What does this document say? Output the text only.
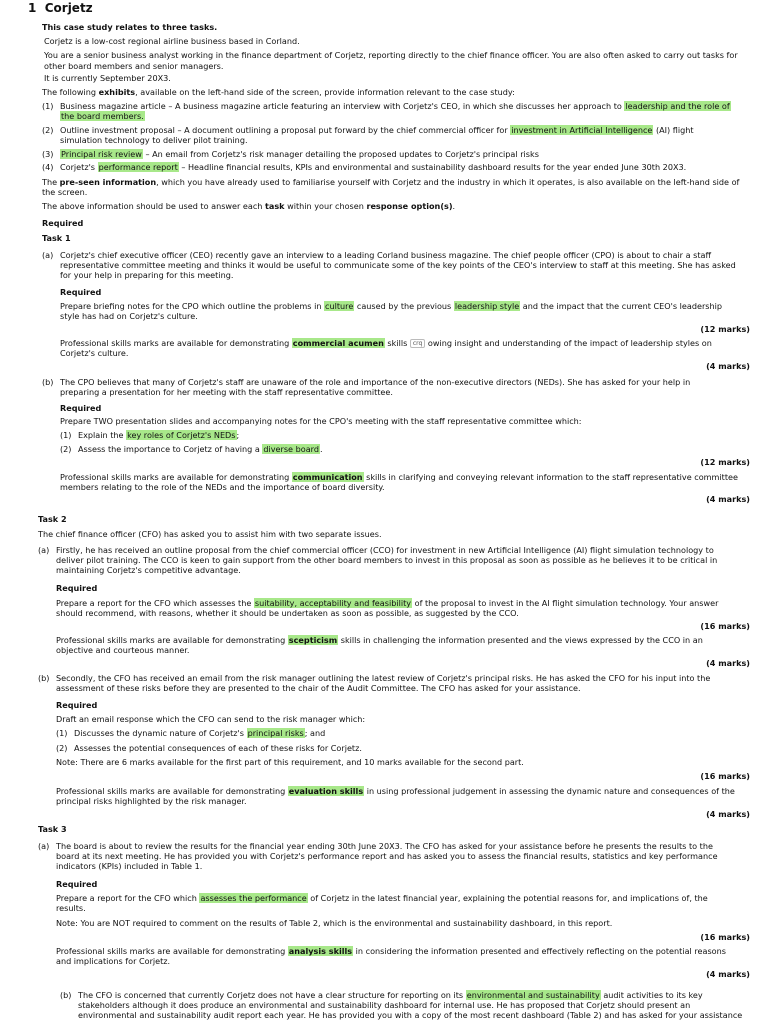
1 Corjetz
This case study relates to three tasks.
Corjetz is a low-cost regional airline business based in Corland.
You are a senior business analyst working in the finance department of Corjetz, reporting directly to the chief finance officer. You are also often asked to carry out tasks for other board members and senior managers.
It is currently September 20X3.
The following exhibits, available on the left-hand side of the screen, provide information relevant to the case study:
(1) Business magazine article – A business magazine article featuring an interview with Corjetz's CEO, in which she discusses her approach to leadership and the role of
the board members.
(2) Outline investment proposal – A document outlining a proposal put forward by the chief commercial officer for investment in Artificial Intelligence (AI) flight
simulation technology to deliver pilot training.
(3) Principal risk review – An email from Corjetz's risk manager detailing the proposed updates to Corjetz's principal risks
(4) Corjetz's performance report – Headline financial results, KPIs and environmental and sustainability dashboard results for the year ended June 30th 20X3.
The pre-seen information, which you have already used to familiarise yourself with Corjetz and the industry in which it operates, is also available on the left-hand side of
the screen.
The above information should be used to answer each task within your chosen response option(s).
Required
Task 1
(a) Corjetz's chief executive officer (CEO) recently gave an interview to a leading Corland business magazine. The chief people officer (CPO) is about to chair a staff
representative committee meeting and thinks it would be useful to communicate some of the key points of the CEO's interview to staff at this meeting. She has asked
for your help in preparing for this meeting.
Required
Prepare briefing notes for the CPO which outline the problems in culture caused by the previous leadership style and the impact that the current CEO's leadership
style has had on Corjetz's culture.
(12 marks)
Professional skills marks are available for demonstrating commercial acumen skills crq owing insight and understanding of the impact of leadership styles on
Corjetz's culture.
(4 marks)
(b) The CPO believes that many of Corjetz's staff are unaware of the role and importance of the non-executive directors (NEDs). She has asked for your help in
preparing a presentation for her meeting with the staff representative committee.
Required
Prepare TWO presentation slides and accompanying notes for the CPO's meeting with the staff representative committee which:
(1) Explain the key roles of Corjetz's NEDs;
(2) Assess the importance to Corjetz of having a diverse board.
(12 marks)
Professional skills marks are available for demonstrating communication skills in clarifying and conveying relevant information to the staff representative committee
members relating to the role of the NEDs and the importance of board diversity.
(4 marks)
Task 2
The chief finance officer (CFO) has asked you to assist him with two separate issues.
(a) Firstly, he has received an outline proposal from the chief commercial officer (CCO) for investment in new Artificial Intelligence (AI) flight simulation technology to
deliver pilot training. The CCO is keen to gain support from the other board members to invest in this proposal as soon as possible as he believes it to be critical in
maintaining Corjetz's competitive advantage.
Required
Prepare a report for the CFO which assesses the suitability, acceptability and feasibility of the proposal to invest in the AI flight simulation technology. Your answer
should recommend, with reasons, whether it should be undertaken as soon as possible, as suggested by the CCO.
(16 marks)
Professional skills marks are available for demonstrating scepticism skills in challenging the information presented and the views expressed by the CCO in an
objective and courteous manner.
(4 marks)
(b) Secondly, the CFO has received an email from the risk manager outlining the latest review of Corjetz's principal risks. He has asked the CFO for his input into the
assessment of these risks before they are presented to the chair of the Audit Committee. The CFO has asked for your assistance.
Required
Draft an email response which the CFO can send to the risk manager which:
(1) Discusses the dynamic nature of Corjetz's principal risks; and
(2) Assesses the potential consequences of each of these risks for Corjetz.
Note: There are 6 marks available for the first part of this requirement, and 10 marks available for the second part.
(16 marks)
Professional skills marks are available for demonstrating evaluation skills in using professional judgement in assessing the dynamic nature and consequences of the
principal risks highlighted by the risk manager.
(4 marks)
Task 3
(a) The board is about to review the results for the financial year ending 30th June 20X3. The CFO has asked for your assistance before he presents the results to the
board at its next meeting. He has provided you with Corjetz's performance report and has asked you to assess the financial results, statistics and key performance
indicators (KPIs) included in Table 1.
Required
Prepare a report for the CFO which assesses the performance of Corjetz in the latest financial year, explaining the potential reasons for, and implications of, the
results.
Note: You are NOT required to comment on the results of Table 2, which is the environmental and sustainability dashboard, in this report.
(16 marks)
Professional skills marks are available for demonstrating analysis skills in considering the information presented and effectively reflecting on the potential reasons
and implications for Corjetz.
(4 marks)
(b) The CFO is concerned that currently Corjetz does not have a clear structure for reporting on its environmental and sustainability audit activities to its key
stakeholders although it does produce an environmental and sustainability dashboard for internal use. He has proposed that Corjetz should present an
environmental and sustainability audit report each year. He has provided you with a copy of the most recent dashboard (Table 2) and has asked for your assistance
